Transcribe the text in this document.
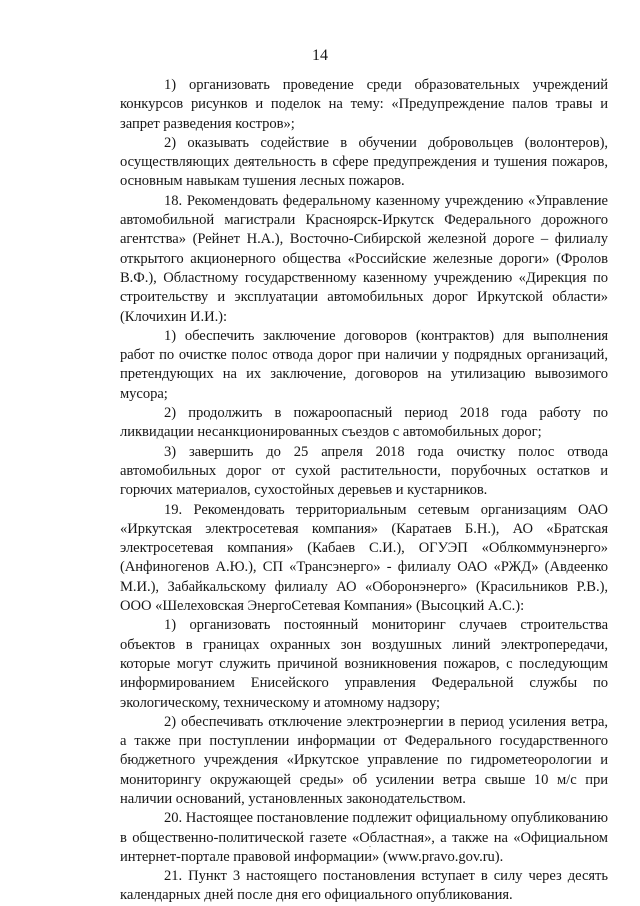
14

1) организовать проведение среди образовательных учреждений конкурсов рисунков и поделок на тему: «Предупреждение палов травы и запрет разведения костров»;

2) оказывать содействие в обучении добровольцев (волонтеров), осуществляющих деятельность в сфере предупреждения и тушения пожаров, основным навыкам тушения лесных пожаров.

18. Рекомендовать федеральному казенному учреждению «Управление автомобильной магистрали Красноярск-Иркутск Федерального дорожного агентства» (Рейнет Н.А.), Восточно-Сибирской железной дороге – филиалу открытого акционерного общества «Российские железные дороги» (Фролов В.Ф.), Областному государственному казенному учреждению «Дирекция по строительству и эксплуатации автомобильных дорог Иркутской области» (Клочихин И.И.):

1) обеспечить заключение договоров (контрактов) для выполнения работ по очистке полос отвода дорог при наличии у подрядных организаций, претендующих на их заключение, договоров на утилизацию вывозимого мусора;

2) продолжить в пожароопасный период 2018 года работу по ликвидации несанкционированных съездов с автомобильных дорог;

3) завершить до 25 апреля 2018 года очистку полос отвода автомобильных дорог от сухой растительности, порубочных остатков и горючих материалов, сухостойных деревьев и кустарников.

19. Рекомендовать территориальным сетевым организациям ОАО «Иркутская электросетевая компания» (Каратаев Б.Н.), АО «Братская электросетевая компания» (Кабаев С.И.), ОГУЭП «Облкоммунэнерго» (Анфиногенов А.Ю.), СП «Трансэнерго» - филиалу ОАО «РЖД» (Авдеенко М.И.), Забайкальскому филиалу АО «Оборонэнерго» (Красильников Р.В.), ООО «Шелеховская ЭнергоСетевая Компания» (Высоцкий А.С.):

1) организовать постоянный мониторинг случаев строительства объектов в границах охранных зон воздушных линий электропередачи, которые могут служить причиной возникновения пожаров, с последующим информированием Енисейского управления Федеральной службы по экологическому, техническому и атомному надзору;

2) обеспечивать отключение электроэнергии в период усиления ветра, а также при поступлении информации от Федерального государственного бюджетного учреждения «Иркутское управление по гидрометеорологии и мониторингу окружающей среды» об усилении ветра свыше 10 м/с при наличии оснований, установленных законодательством.

20. Настоящее постановление подлежит официальному опубликованию в общественно-политической газете «Областная», а также на «Официальном интернет-портале правовой информации» (www.pravo.gov.ru).

21. Пункт 3 настоящего постановления вступает в силу через десять календарных дней после дня его официального опубликования.
